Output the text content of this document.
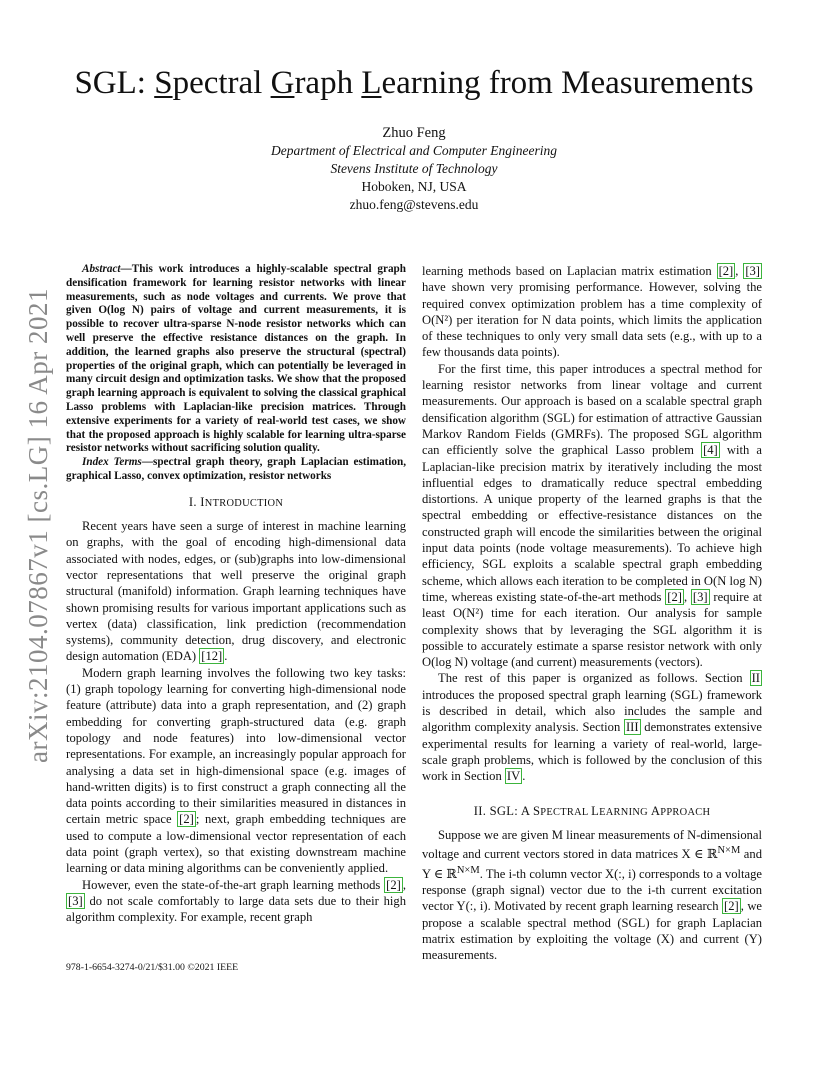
arXiv:2104.07867v1 [cs.LG] 16 Apr 2021
SGL: Spectral Graph Learning from Measurements
Zhuo Feng
Department of Electrical and Computer Engineering
Stevens Institute of Technology
Hoboken, NJ, USA
zhuo.feng@stevens.edu

Abstract—This work introduces a highly-scalable spectral graph densification framework for learning resistor networks with linear measurements, such as node voltages and currents. We prove that given O(log N) pairs of voltage and current measurements, it is possible to recover ultra-sparse N-node resistor networks which can well preserve the effective resistance distances on the graph. In addition, the learned graphs also preserve the structural (spectral) properties of the original graph, which can potentially be leveraged in many circuit design and optimization tasks. We show that the proposed graph learning approach is equivalent to solving the classical graphical Lasso problems with Laplacian-like precision matrices. Through extensive experiments for a variety of real-world test cases, we show that the proposed approach is highly scalable for learning ultra-sparse resistor networks without sacrificing solution quality.

Index Terms—spectral graph theory, graph Laplacian estimation, graphical Lasso, convex optimization, resistor networks

I. INTRODUCTION

Recent years have seen a surge of interest in machine learning on graphs, with the goal of encoding high-dimensional data associated with nodes, edges, or (sub)graphs into low-dimensional vector representations that well preserve the original graph structural (manifold) information. Graph learning techniques have shown promising results for various important applications such as vertex (data) classification, link prediction (recommendation systems), community detection, drug discovery, and electronic design automation (EDA) [12] .

Modern graph learning involves the following two key tasks: (1) graph topology learning for converting high-dimensional node feature (attribute) data into a graph representation, and (2) graph embedding for converting graph-structured data (e.g. graph topology and node features) into low-dimensional vector representations. For example, an increasingly popular approach for analysing a data set in high-dimensional space (e.g. images of hand-written digits) is to first construct a graph connecting all the data points according to their similarities measured in distances in certain metric space [2] ; next, graph embedding techniques are used to compute a low-dimensional vector representation of each data point (graph vertex), so that existing downstream machine learning or data mining algorithms can be conveniently applied.

However, even the state-of-the-art graph learning methods [2] , [3] do not scale comfortably to large data sets due to their high algorithm complexity. For example, recent graph

learning methods based on Laplacian matrix estimation [2] , [3] have shown very promising performance. However, solving the required convex optimization problem has a time complexity of O(N²) per iteration for N data points, which limits the application of these techniques to only very small data sets (e.g., with up to a few thousands data points).

For the first time, this paper introduces a spectral method for learning resistor networks from linear voltage and current measurements. Our approach is based on a scalable spectral graph densification algorithm (SGL) for estimation of attractive Gaussian Markov Random Fields (GMRFs). The proposed SGL algorithm can efficiently solve the graphical Lasso problem [4] with a Laplacian-like precision matrix by iteratively including the most influential edges to dramatically reduce spectral embedding distortions. A unique property of the learned graphs is that the spectral embedding or effective-resistance distances on the constructed graph will encode the similarities between the original input data points (node voltage measurements). To achieve high efficiency, SGL exploits a scalable spectral graph embedding scheme, which allows each iteration to be completed in O(N log N) time, whereas existing state-of-the-art methods [2] , [3] require at least O(N²) time for each iteration. Our analysis for sample complexity shows that by leveraging the SGL algorithm it is possible to accurately estimate a sparse resistor network with only O(log N) voltage (and current) measurements (vectors).

The rest of this paper is organized as follows. Section II introduces the proposed spectral graph learning (SGL) framework is described in detail, which also includes the sample and algorithm complexity analysis. Section III demonstrates extensive experimental results for learning a variety of real-world, large-scale graph problems, which is followed by the conclusion of this work in Section IV .

II. SGL: A SPECTRAL LEARNING APPROACH

Suppose we are given M linear measurements of N-dimensional voltage and current vectors stored in data matrices X ∈ ℝ$^{N\times M}$ and Y ∈ ℝ$^{N\times M}$. The i-th column vector X(:, i) corresponds to a voltage response (graph signal) vector due to the i-th current excitation vector Y(:, i). Motivated by recent graph learning research [2] , we propose a scalable spectral method (SGL) for graph Laplacian matrix estimation by exploiting the voltage (X) and current (Y) measurements.

978-1-6654-3274-0/21/$31.00 ©2021 IEEE
